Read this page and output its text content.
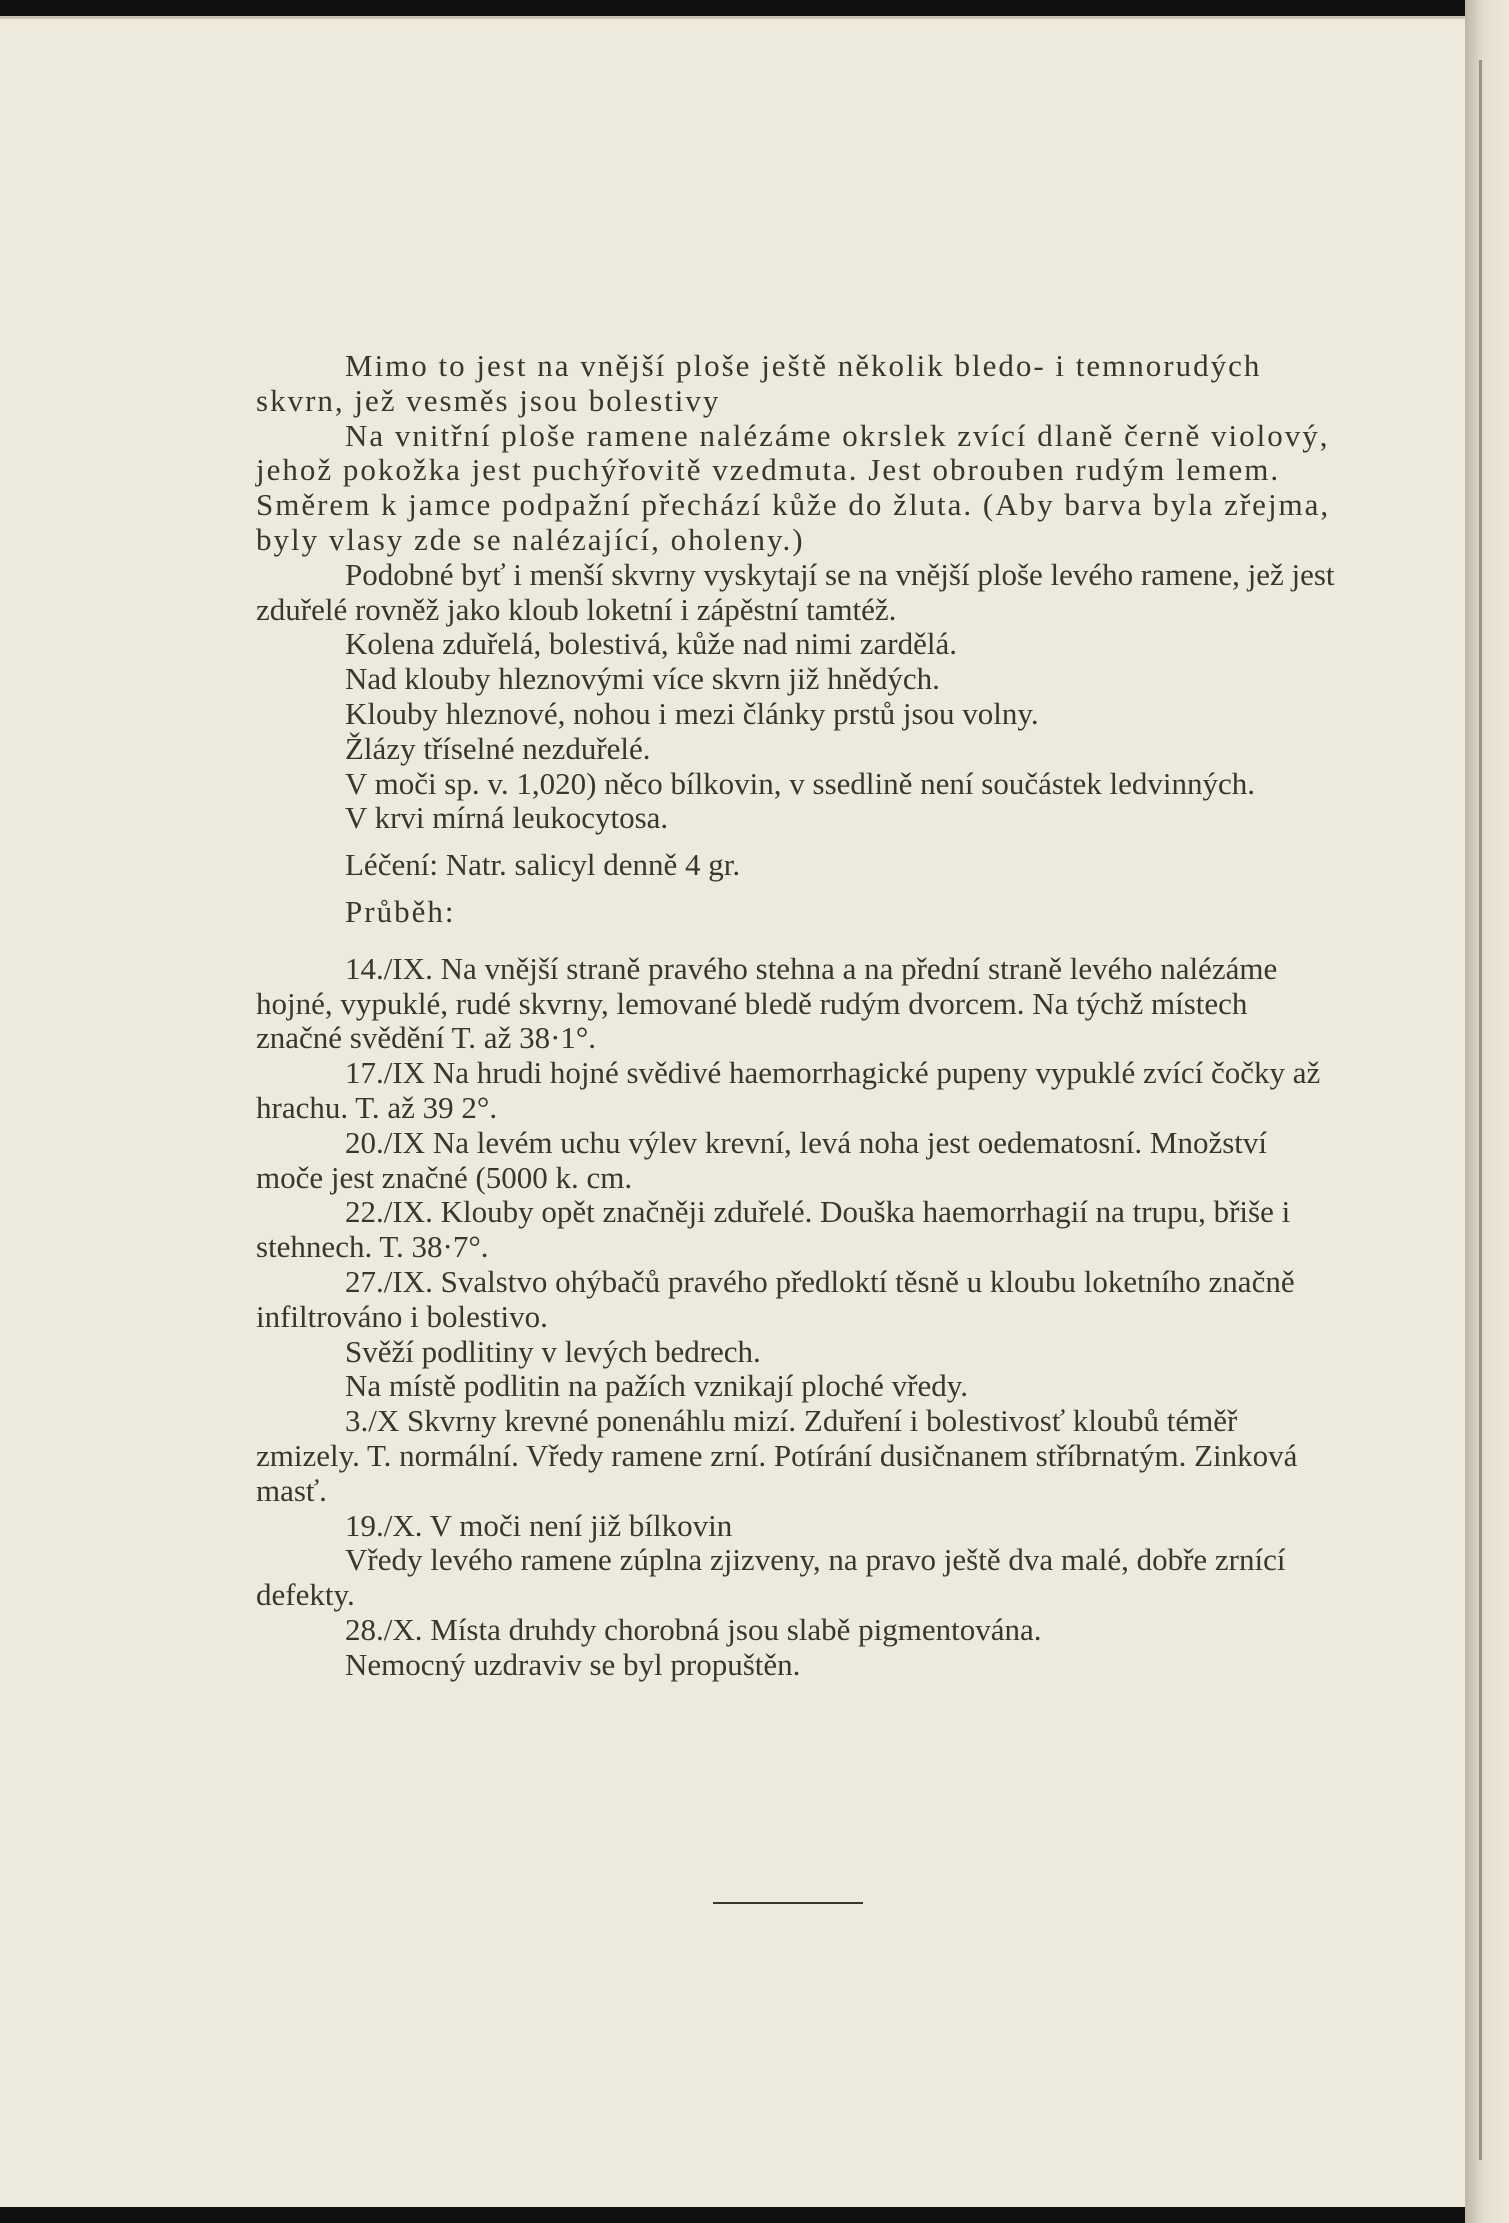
Mimo to jest na vnější ploše ještě několik bledo- i temnorudých skvrn, jež vesměs jsou bolestivy

Na vnitřní ploše ramene nalézáme okrslek zvící dlaně černě violový, jehož pokožka jest puchýřovitě vzedmuta. Jest obrouben rudým lemem. Směrem k jamce podpažní přechází kůže do žluta. (Aby barva byla zřejma, byly vlasy zde se nalézající, oholeny.)

Podobné byť i menší skvrny vyskytají se na vnější ploše levého ramene, jež jest zduřelé rovněž jako kloub loketní i zápěstní tamtéž.

Kolena zduřelá, bolestivá, kůže nad nimi zardělá.

Nad klouby hleznovými více skvrn již hnědých.

Klouby hleznové, nohou i mezi články prstů jsou volny.

Žlázy tříselné nezduřelé.

V moči sp. v. 1,020) něco bílkovin, v ssedlině není součástek ledvinných.

V krvi mírná leukocytosa.

Léčení: Natr. salicyl denně 4 gr.

Průběh:

14./IX. Na vnější straně pravého stehna a na přední straně levého nalézáme hojné, vypuklé, rudé skvrny, lemované bledě rudým dvorcem. Na týchž místech značné svědění T. až 38·1°.

17./IX Na hrudi hojné svědivé haemorrhagické pupeny vypuklé zvící čočky až hrachu. T. až 39 2°.

20./IX Na levém uchu výlev krevní, levá noha jest oedematosní. Množství moče jest značné (5000 k. cm.

22./IX. Klouby opět značněji zduřelé. Douška haemorrhagií na trupu, břiše i stehnech. T. 38·7°.

27./IX. Svalstvo ohýbačů pravého předloktí těsně u kloubu loketního značně infiltrováno i bolestivo.

Svěží podlitiny v levých bedrech.

Na místě podlitin na pažích vznikají ploché vředy.

3./X Skvrny krevné ponenáhlu mizí. Zduření i bolestivosť kloubů téměř zmizely. T. normální. Vředy ramene zrní. Potírání dusičnanem stříbrnatým. Zinková masť.

19./X. V moči není již bílkovin

Vředy levého ramene zúplna zjizveny, na pravo ještě dva malé, dobře zrnící defekty.

28./X. Místa druhdy chorobná jsou slabě pigmentována.

Nemocný uzdraviv se byl propuštěn.
